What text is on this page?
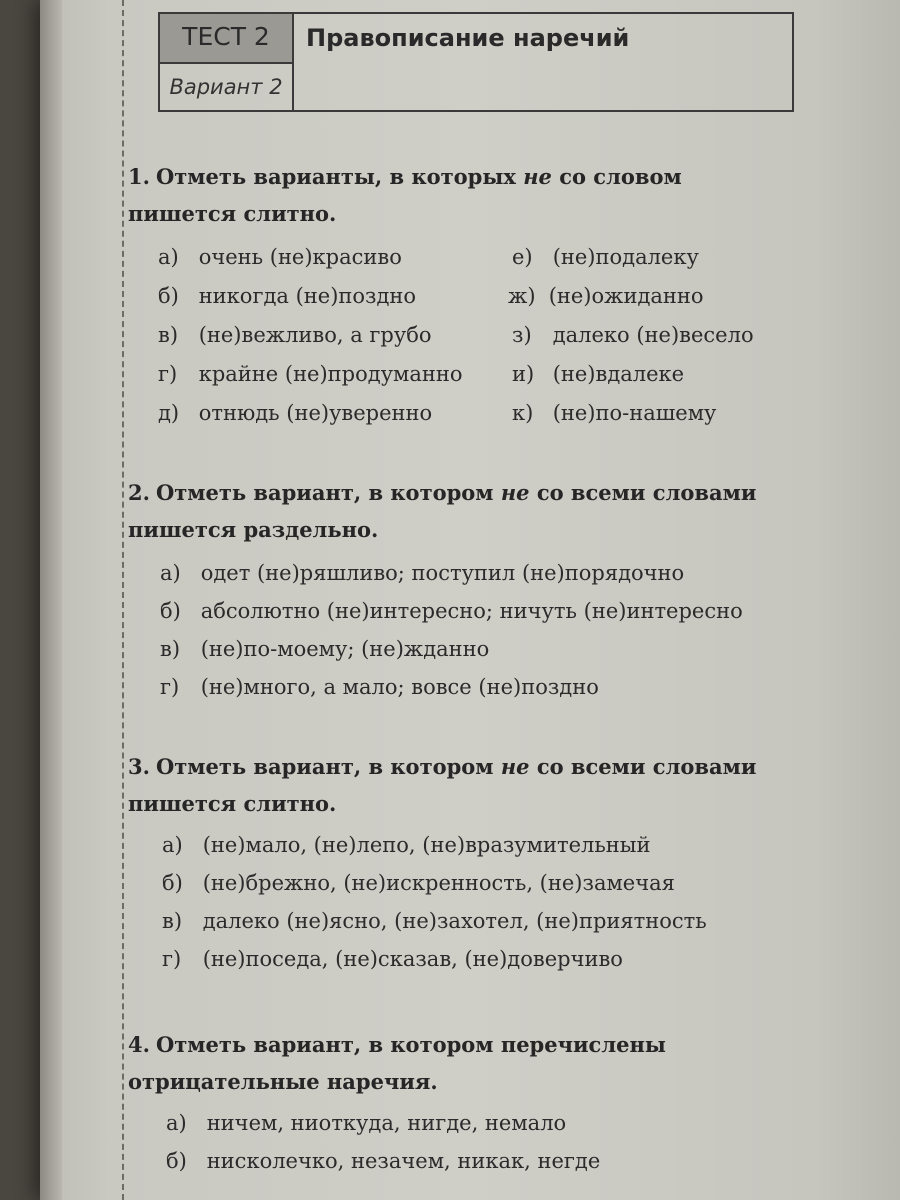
ТЕСТ 2
Вариант 2
Правописание наречий
1. Отметь варианты, в которых не со словом пишется слитно.
а) очень (не)красиво
б) никогда (не)поздно
в) (не)вежливо, а грубо
г) крайне (не)продуманно
д) отнюдь (не)уверенно
е) (не)подалеку
ж) (не)ожиданно
з) далеко (не)весело
и) (не)вдалеке
к) (не)по-нашему
2. Отметь вариант, в котором не со всеми словами пишется раздельно.
а) одет (не)ряшливо; поступил (не)порядочно
б) абсолютно (не)интересно; ничуть (не)интересно
в) (не)по-моему; (не)жданно
г) (не)много, а мало; вовсе (не)поздно
3. Отметь вариант, в котором не со всеми словами пишется слитно.
а) (не)мало, (не)лепо, (не)вразумительный
б) (не)брежно, (не)искренность, (не)замечая
в) далеко (не)ясно, (не)захотел, (не)приятность
г) (не)поседа, (не)сказав, (не)доверчиво
4. Отметь вариант, в котором перечислены отрицательные наречия.
а) ничем, ниоткуда, нигде, немало
б) нисколечко, незачем, никак, негде
